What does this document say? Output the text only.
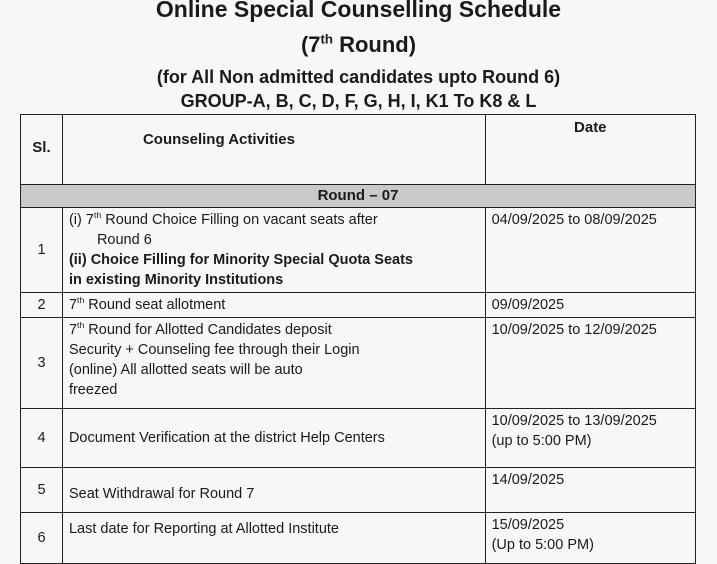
Online Special Counselling Schedule
(7th Round)
(for All Non admitted candidates upto Round 6)
GROUP-A, B, C, D, F, G, H, I, K1 To K8 & L
Sl.	Counseling Activities	Date
Round – 07		
1	(i) 7th Round Choice Filling on vacant seats after
Round 6
(ii) Choice Filling for Minority Special Quota Seats
in existing Minority Institutions	04/09/2025 to 08/09/2025

2	7th Round seat allotment	09/09/2025
3	7th Round for Allotted Candidates deposit
Security + Counseling fee through their Login
(online) All allotted seats will be auto
freezed	10/09/2025 to 12/09/2025
4	Document Verification at the district Help Centers	10/09/2025 to 13/09/2025
(up to 5:00 PM)

5	Seat Withdrawal for Round 7	14/09/2025
6	Last date for Reporting at Allotted Institute	15/09/2025
(Up to 5:00 PM)
